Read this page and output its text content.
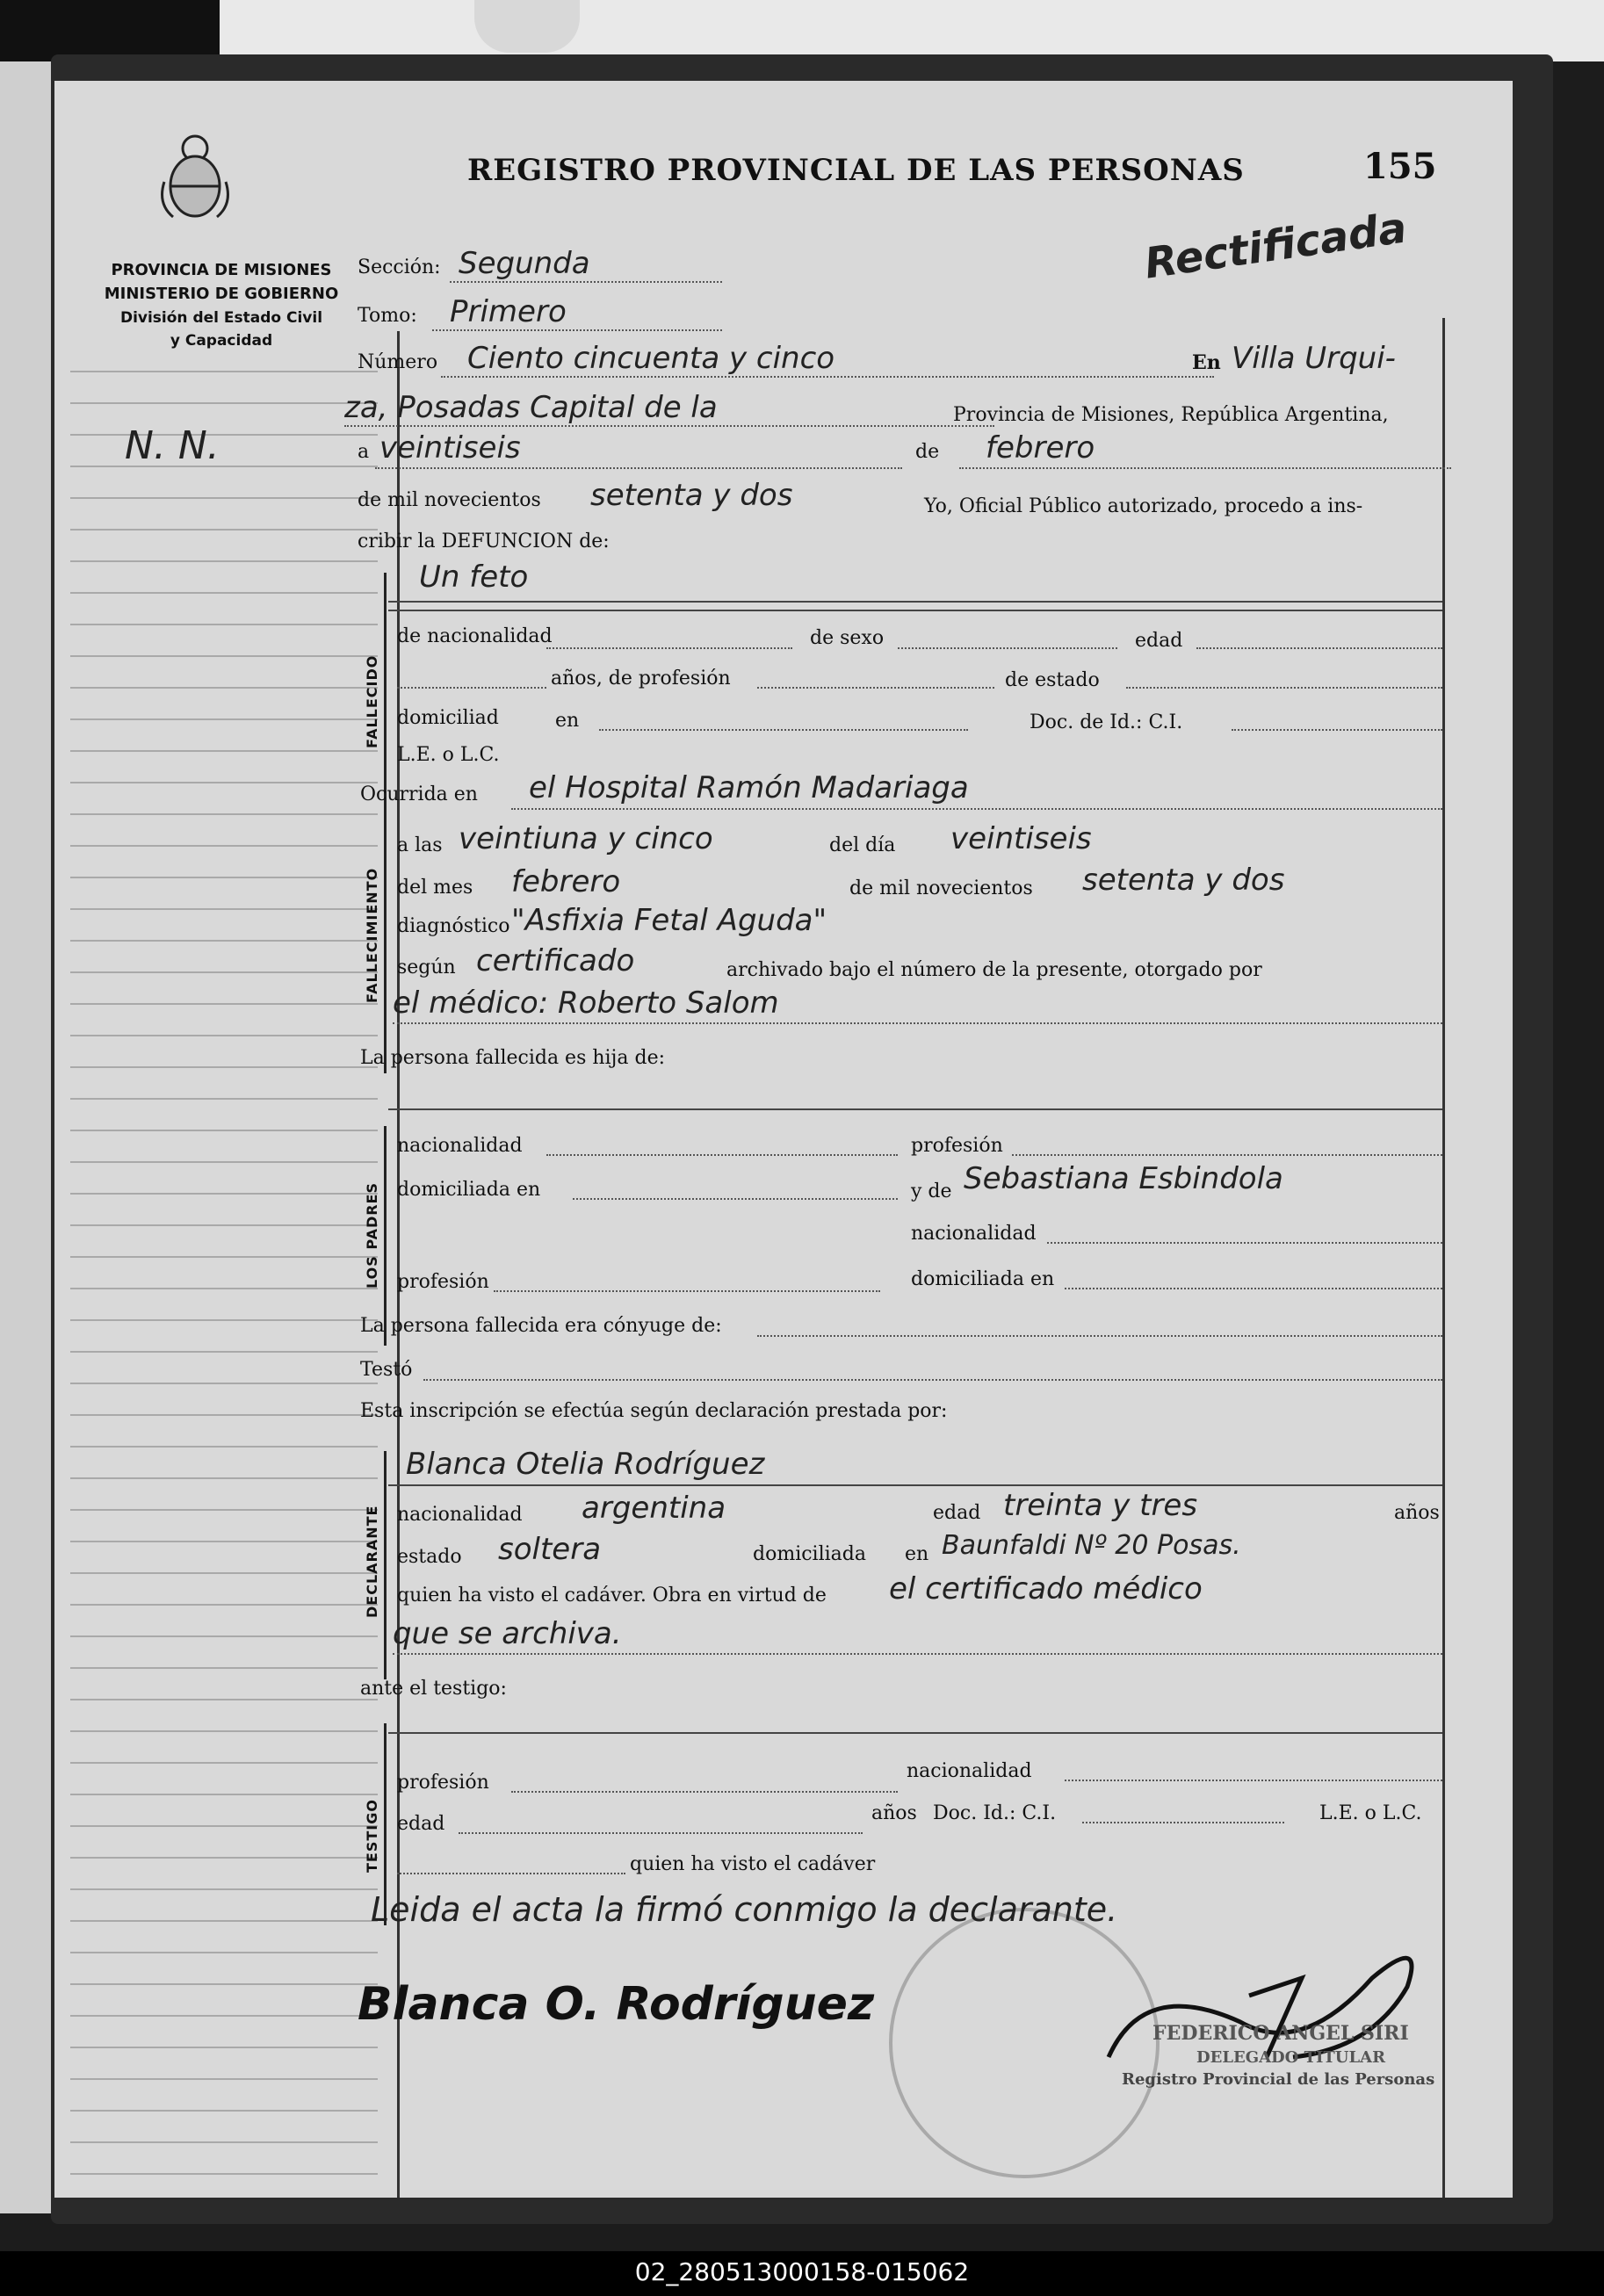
PROVINCIA DE MISIONES
MINISTERIO DE GOBIERNO
División del Estado Civil
y Capacidad
N. N.
REGISTRO PROVINCIAL DE LAS PERSONAS	155
Rectificada
Sección: Segunda
Tomo: Primero
Número Ciento cincuenta y cinco	En Villa Urqui-
za, Posadas Capital de la	Provincia de Misiones, República Argentina,
a veintiseis	de febrero
de mil novecientos setenta y dos	Yo, Oficial Público autorizado, procedo a ins-
cribir la DEFUNCION de:
FALLECIDO
Un feto
de nacionalidad	de sexo	edad
años, de profesión	de estado
domiciliad	en	Doc. de Id.: C.I.
L.E. o L.C.
Ocurrida en el Hospital Ramón Madariaga
FALLECIMIENTO
a las veintiuna y cinco	del día veintiseis
del mes febrero	de mil novecientos setenta y dos
diagnóstico "Asfixia Fetal Aguda"
según certificado	archivado bajo el número de la presente, otorgado por
el médico: Roberto Salom
La persona fallecida es hija de:
LOS PADRES
nacionalidad	profesión
domiciliada en	y de Sebastiana Esbindola
nacionalidad
profesión	domiciliada en
La persona fallecida era cónyuge de:
Testó
Esta inscripción se efectúa según declaración prestada por:
DECLARANTE
Blanca Otelia Rodríguez
nacionalidad argentina	edad treinta y tres	años
estado soltera	domiciliada en Baunfaldi Nº 20 Posas.
quien ha visto el cadáver. Obra en virtud de el certificado médico
que se archiva.
ante el testigo:
TESTIGO
profesión
nacionalidad
edad	años Doc. Id.: C.I.	L.E. o L.C.
quien ha visto el cadáver
Leida el acta la firmó conmigo la declarante.
Blanca O. Rodríguez
FEDERICO ANGEL SIRI
DELEGADO TITULAR
Registro Provincial de las Personas
02_280513000158-015062
